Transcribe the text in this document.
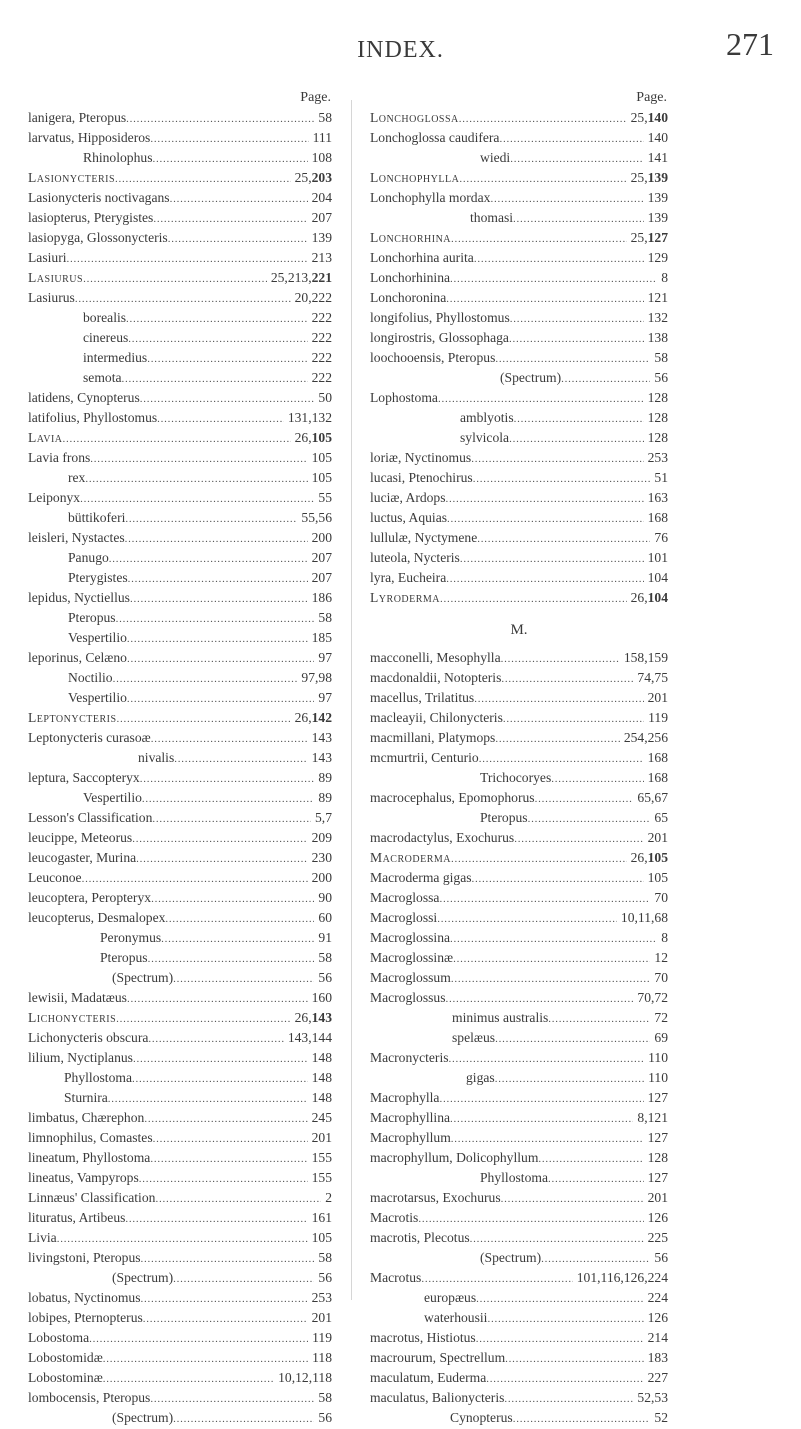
INDEX.	271
Page.
lanigera, Pteropus . . .	58
larvatus, Hipposideros . . .	111
Rhinolophus . . .	108
Lasionycteris . . .	25,203
Lasionycteris noctivagans . . .	204
lasiopterus, Pterygistes . . .	207
lasiopyga, Glossonycteris . . .	139
Lasiuri . . .	213
Lasiurus . . .	25,213,221
Lasiurus . . .	20,222
borealis . . .	222
cinereus . . .	222
intermedius . . .	222
semota . . .	222
latidens, Cynopterus . . .	50
latifolius, Phyllostomus . . .	131,132
Lavia . . .	26,105
Lavia frons . . .	105
rex . . .	105
Leiponyx . . .	55
büttikoferi . . .	55,56
leisleri, Nystactes . . .	200
Panugo . . .	207
Pterygistes . . .	207
lepidus, Nyctiellus . . .	186
Pteropus . . .	58
Vespertilio . . .	185
leporinus, Celæno . . .	97
Noctilio . . .	97,98
Vespertilio . . .	97
Leptonycteris . . .	26,142
Leptonycteris curasoæ . . .	143
nivalis . . .	143
leptura, Saccopteryx . . .	89
Vespertilio . . .	89
Lesson's Classification . . .	5,7
leucippe, Meteorus . . .	209
leucogaster, Murina . . .	230
Leuconoe . . .	200
leucoptera, Peropteryx . . .	90
leucopterus, Desmalopex . . .	60
Peronymus . . .	91
Pteropus . . .	58
(Spectrum) . . .	56
lewisii, Madatæus . . .	160
Lichonycteris . . .	26,143
Lichonycteris obscura . . .	143,144
lilium, Nyctiplanus . . .	148
Phyllostoma . . .	148
Sturnira . . .	148
limbatus, Chærephon . . .	245
limnophilus, Comastes . . .	201
lineatum, Phyllostoma . . .	155
lineatus, Vampyrops . . .	155
Linnæus' Classification . . .	2
lituratus, Artibeus . . .	161
Livia . . .	105
livingstoni, Pteropus . . .	58
(Spectrum) . . .	56
lobatus, Nyctinomus . . .	253
lobipes, Pternopterus . . .	201
Lobostoma . . .	119
Lobostomidæ . . .	118
Lobostominæ . . .	10,12,118
lombocensis, Pteropus . . .	58
(Spectrum) . . .	56
Page.
Lonchoglossa . . .	25,140
Lonchoglossa caudifera . . .	140
wiedi . . .	141
Lonchophylla . . .	25,139
Lonchophylla mordax . . .	139
thomasi . . .	139
Lonchorhina . . .	25,127
Lonchorhina aurita . . .	129
Lonchorhinina . . .	8
Lonchoronina . . .	121
longifolius, Phyllostomus . . .	132
longirostris, Glossophaga . . .	138
loochooensis, Pteropus . . .	58
(Spectrum) . . .	56
Lophostoma . . .	128
amblyotis . . .	128
sylvicola . . .	128
loriæ, Nyctinomus . . .	253
lucasi, Ptenochirus . . .	51
luciæ, Ardops . . .	163
luctus, Aquias . . .	168
lullulæ, Nyctymene . . .	76
luteola, Nycteris . . .	101
lyra, Eucheira . . .	104
Lyroderma . . .	26,104
M.
macconelli, Mesophylla . . .	158,159
macdonaldii, Notopteris . . .	74,75
macellus, Trilatitus . . .	201
macleayii, Chilonycteris . . .	119
macmillani, Platymops . . .	254,256
mcmurtrii, Centurio . . .	168
Trichocoryes . . .	168
macrocephalus, Epomophorus . . .	65,67
Pteropus . . .	65
macrodactylus, Exochurus . . .	201
Macroderma . . .	26,105
Macroderma gigas . . .	105
Macroglossa . . .	70
Macroglossi . . .	10,11,68
Macroglossina . . .	8
Macroglossinæ . . .	12
Macroglossum . . .	70
Macroglossus . . .	70,72
minimus australis . . .	72
spelæus . . .	69
Macronycteris . . .	110
gigas . . .	110
Macrophylla . . .	127
Macrophyllina . . .	8,121
Macrophyllum . . .	127
macrophyllum, Dolicophyllum . . .	128
Phyllostoma . . .	127
macrotarsus, Exochurus . . .	201
Macrotis . . .	126
macrotis, Plecotus . . .	225
(Spectrum) . . .	56
Macrotus . . .	101,116,126,224
europæus . . .	224
waterhousii . . .	126
macrotus, Histiotus . . .	214
macrourum, Spectrellum . . .	183
maculatum, Euderma . . .	227
maculatus, Balionycteris . . .	52,53
Cynopterus . . .	52
